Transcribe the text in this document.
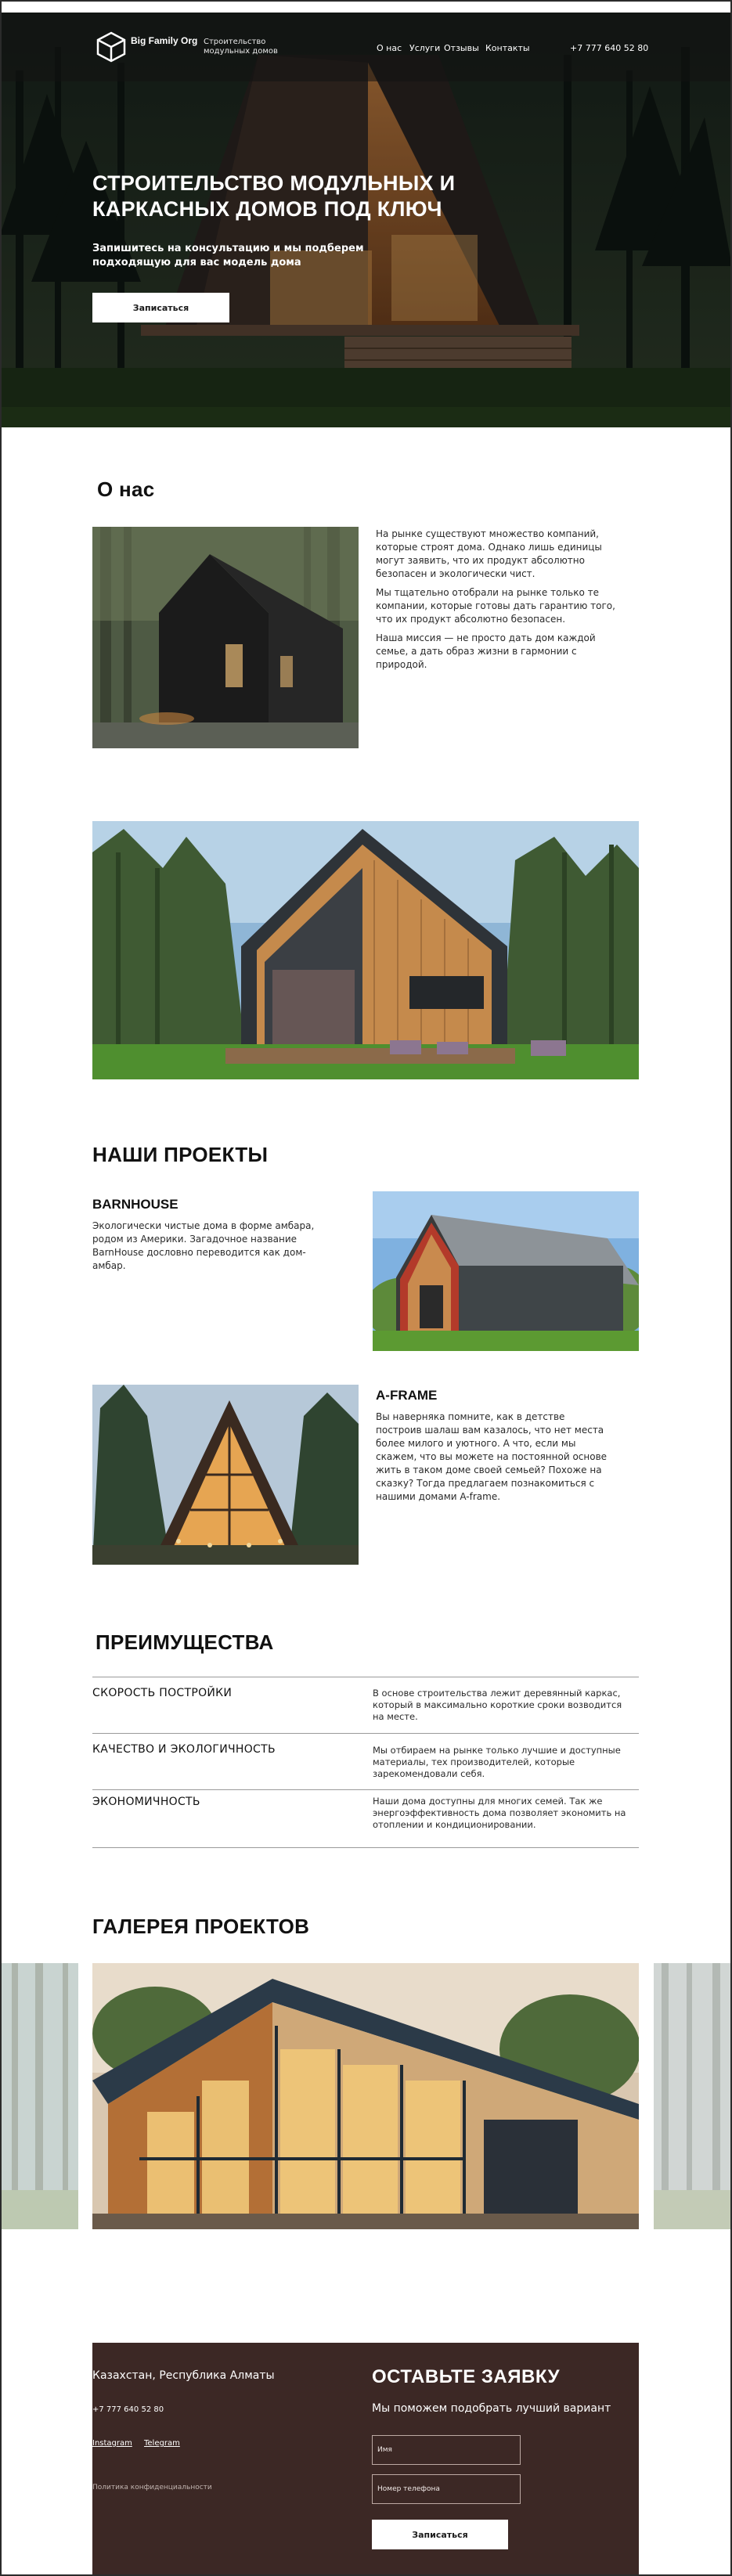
Big Family Org Строительство модульных домов	О нас Услуги Отзывы Контакты	+7 777 640 52 80
СТРОИТЕЛЬСТВО МОДУЛЬНЫХ И КАРКАСНЫХ ДОМОВ ПОД КЛЮЧ
Запишитесь на консультацию и мы подберем подходящую для вас модель дома
Записаться
О нас

На рынке существуют множество компаний, которые строят дома. Однако лишь единицы могут заявить, что их продукт абсолютно безопасен и экологически чист.

Мы тщательно отобрали на рынке только те компании, которые готовы дать гарантию того, что их продукт абсолютно безопасен.

Наша миссия — не просто дать дом каждой семье, а дать образ жизни в гармонии с природой.

НАШИ ПРОЕКТЫ
BARNHOUSE

Экологически чистые дома в форме амбара, родом из Америки. Загадочное название BarnHouse дословно переводится как дом-амбар.

A-FRAME

Вы наверняка помните, как в детстве построив шалаш вам казалось, что нет места более милого и уютного. А что, если мы скажем, что вы можете на постоянной основе жить в таком доме своей семьей? Похоже на сказку? Тогда предлагаем познакомиться с нашими домами A-frame.

ПРЕИМУЩЕСТВА
СКОРОСТЬ ПОСТРОЙКИ	В основе строительства лежит деревянный каркас, который в максимально короткие сроки возводится на месте.
КАЧЕСТВО И ЭКОЛОГИЧНОСТЬ	Мы отбираем на рынке только лучшие и доступные материалы, тех производителей, которые зарекомендовали себя.
ЭКОНОМИЧНОСТЬ	Наши дома доступны для многих семей. Так же энергоэффективность дома позволяет экономить на отоплении и кондиционировании.
ГАЛЕРЕЯ ПРОЕКТОВ
Казахстан, Республика Алматы
+7 777 640 52 80
Instagram Telegram
Политика конфиденциальности
ОСТАВЬТЕ ЗАЯВКУ
Мы поможем подобрать лучший вариант
Имя
Номер телефона
Записаться
